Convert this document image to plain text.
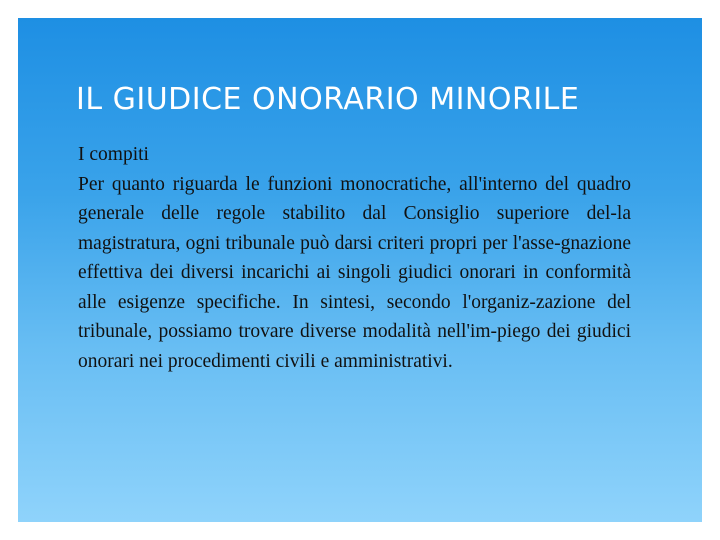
IL GIUDICE ONORARIO MINORILE

I compiti

Per quanto riguarda le funzioni monocratiche, all'interno del quadro generale delle regole stabilito dal Consiglio superiore del-la magistratura, ogni tribunale può darsi criteri propri per l'asse-gnazione effettiva dei diversi incarichi ai singoli giudici onorari in conformità alle esigenze specifiche. In sintesi, secondo l'organiz-zazione del tribunale, possiamo trovare diverse modalità nell'im-piego dei giudici onorari nei procedimenti civili e amministrativi.
